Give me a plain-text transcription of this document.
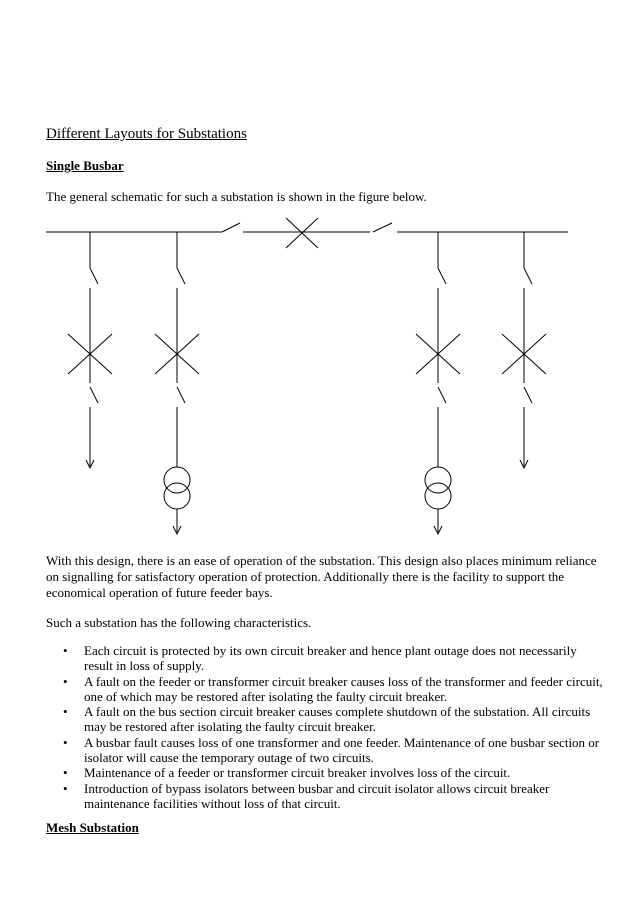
Different Layouts for Substations
Single Busbar
The general schematic for such a substation is shown in the figure below.
With this design, there is an ease of operation of the substation. This design also places minimum reliance on signalling for satisfactory operation of protection. Additionally there is the facility to support the economical operation of future feeder bays.
Such a substation has the following characteristics.
• Each circuit is protected by its own circuit breaker and hence plant outage does not necessarily result in loss of supply.
• A fault on the feeder or transformer circuit breaker causes loss of the transformer and feeder circuit, one of which may be restored after isolating the faulty circuit breaker.
• A fault on the bus section circuit breaker causes complete shutdown of the substation. All circuits may be restored after isolating the faulty circuit breaker.
• A busbar fault causes loss of one transformer and one feeder. Maintenance of one busbar section or isolator will cause the temporary outage of two circuits.
• Maintenance of a feeder or transformer circuit breaker involves loss of the circuit.
• Introduction of bypass isolators between busbar and circuit isolator allows circuit breaker maintenance facilities without loss of that circuit.
Mesh Substation
